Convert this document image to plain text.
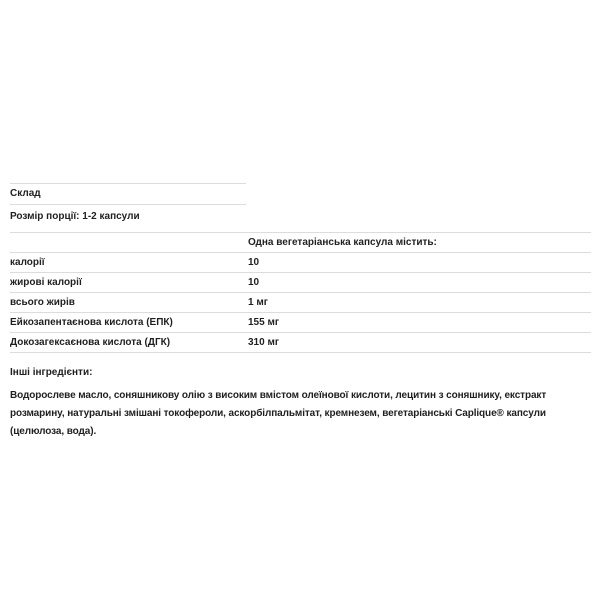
Склад
Розмір порції: 1-2 капсули
Одна вегетаріанська капсула містить:
калорії	10
жирові калорії	10
всього жирів	1 мг
Ейкозапентаєнова кислота (ЕПК)	155 мг
Докозагексаєнова кислота (ДГК)	310 мг
Інші інгредієнти:
Водорослеве масло, соняшникову олію з високим вмістом олеїнової кислоти, лецитин з соняшнику, екстракт розмарину, натуральні змішані токофероли, аскорбілпальмітат, кремнезем, вегетаріанські Caplique® капсули (целюлоза, вода).
